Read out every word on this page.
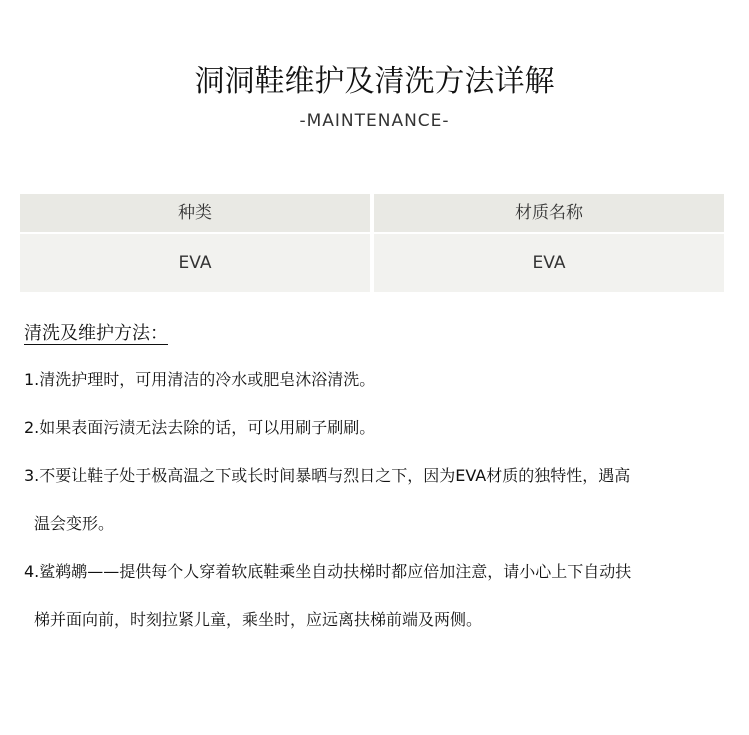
洞洞鞋维护及清洗方法详解
-MAINTENANCE-
种类	材质名称
EVA	EVA
清洗及维护方法：
1.清洗护理时，可用清洁的冷水或肥皂沐浴清洗。
2.如果表面污渍无法去除的话，可以用刷子刷刷。
3.不要让鞋子处于极高温之下或长时间暴晒与烈日之下，因为EVA材质的独特性，遇高
温会变形。
4.鲨鹈鹕——提供每个人穿着软底鞋乘坐自动扶梯时都应倍加注意，请小心上下自动扶
梯并面向前，时刻拉紧儿童，乘坐时，应远离扶梯前端及两侧。
